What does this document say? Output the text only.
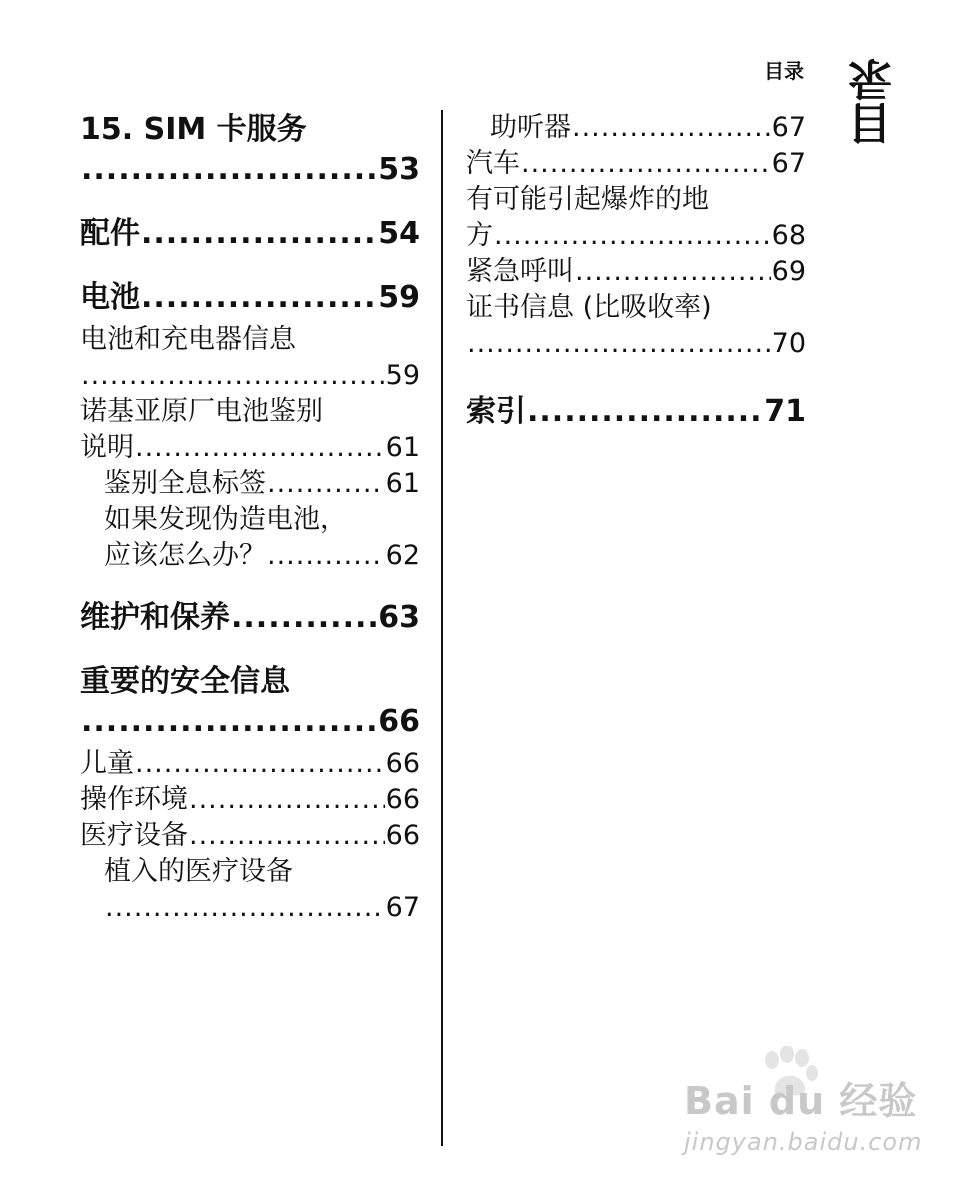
目录 目录
15. SIM 卡服务
.....
53
配件 .....	54
电池 .....	59
电池和充电器信息
.....
59
诺基亚原厂电池鉴别
说明 .....	61
鉴别全息标签 .....	61
如果发现伪造电池，
应该怎么办？ .....	62
维护和保养 .....	63
重要的安全信息
.....
66
儿童 .....	66
操作环境 .....	66
医疗设备 .....	66
植入的医疗设备
.....
67
助听器 .....	67
汽车 .....	67
有可能引起爆炸的地
方 .....	68
紧急呼叫 .....	69
证书信息 (比吸收率)
.....
70
索引 .....	71
Bai du 经验
jingyan.baidu.com
